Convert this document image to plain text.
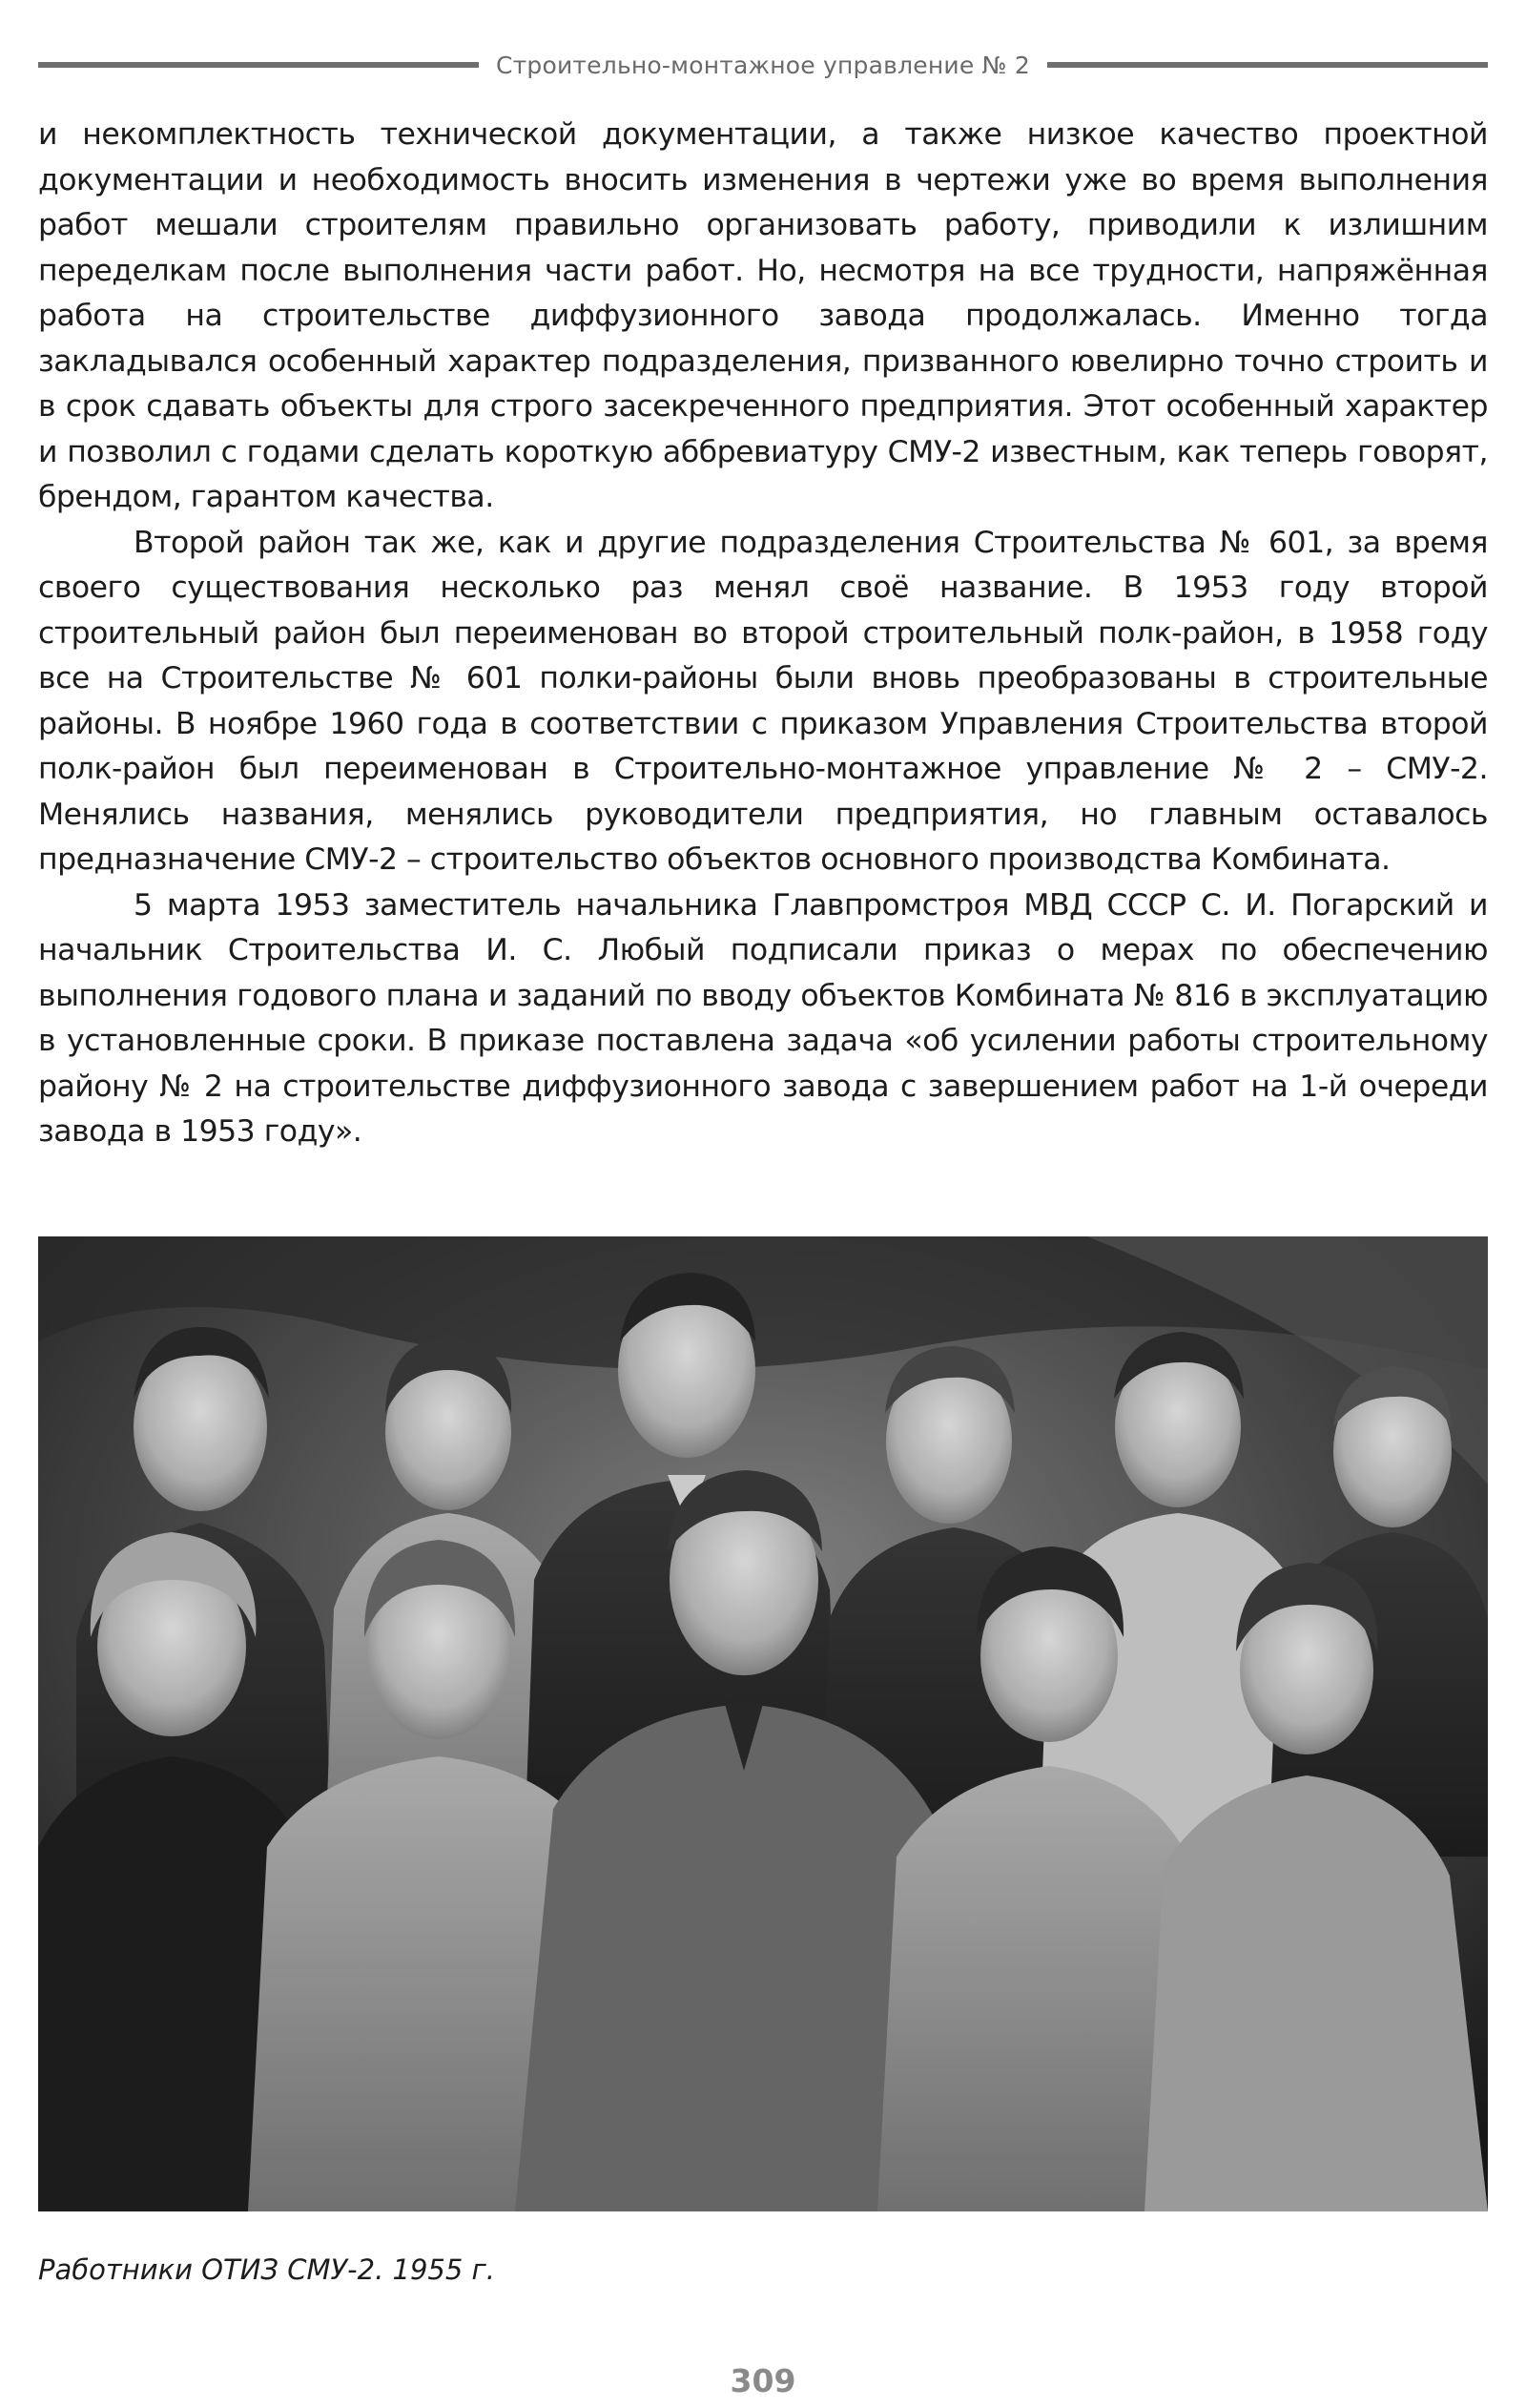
Строительно-монтажное управление № 2

и некомплектность технической документации, а также низкое качество проектной документации и необходимость вносить изменения в чертежи уже во время выполнения работ мешали строителям правильно организовать работу, приводили к излишним переделкам после выполнения части работ. Но, несмотря на все трудности, напряжённая работа на строительстве диффузионного завода продолжалась. Именно тогда закладывался особенный характер подразделения, призванного ювелирно точно строить и в срок сдавать объекты для строго засекреченного предприятия. Этот особенный характер и позволил с годами сделать короткую аббревиатуру СМУ-2 известным, как теперь говорят, брендом, гарантом качества.

Второй район так же, как и другие подразделения Строительства № 601, за время своего существования несколько раз менял своё название. В 1953 году второй строительный район был переименован во второй строительный полк-район, в 1958 году все на Строительстве № 601 полки-районы были вновь преобразованы в строительные районы. В ноябре 1960 года в соответствии с приказом Управления Строительства второй полк-район был переименован в Строительно-монтажное управление № 2 – СМУ-2. Менялись названия, менялись руководители предприятия, но главным оставалось предназначение СМУ-2 – строительство объектов основного производства Комбината.

5 марта 1953 заместитель начальника Главпромстроя МВД СССР С. И. Погарский и начальник Строительства И. С. Любый подписали приказ о мерах по обеспечению выполнения годового плана и заданий по вводу объектов Комбината № 816 в эксплуатацию в установленные сроки. В приказе поставлена задача «об усилении работы строительному району № 2 на строительстве диффузионного завода с завершением работ на 1-й очереди завода в 1953 году».

Работники ОТИЗ СМУ-2. 1955 г.
309
